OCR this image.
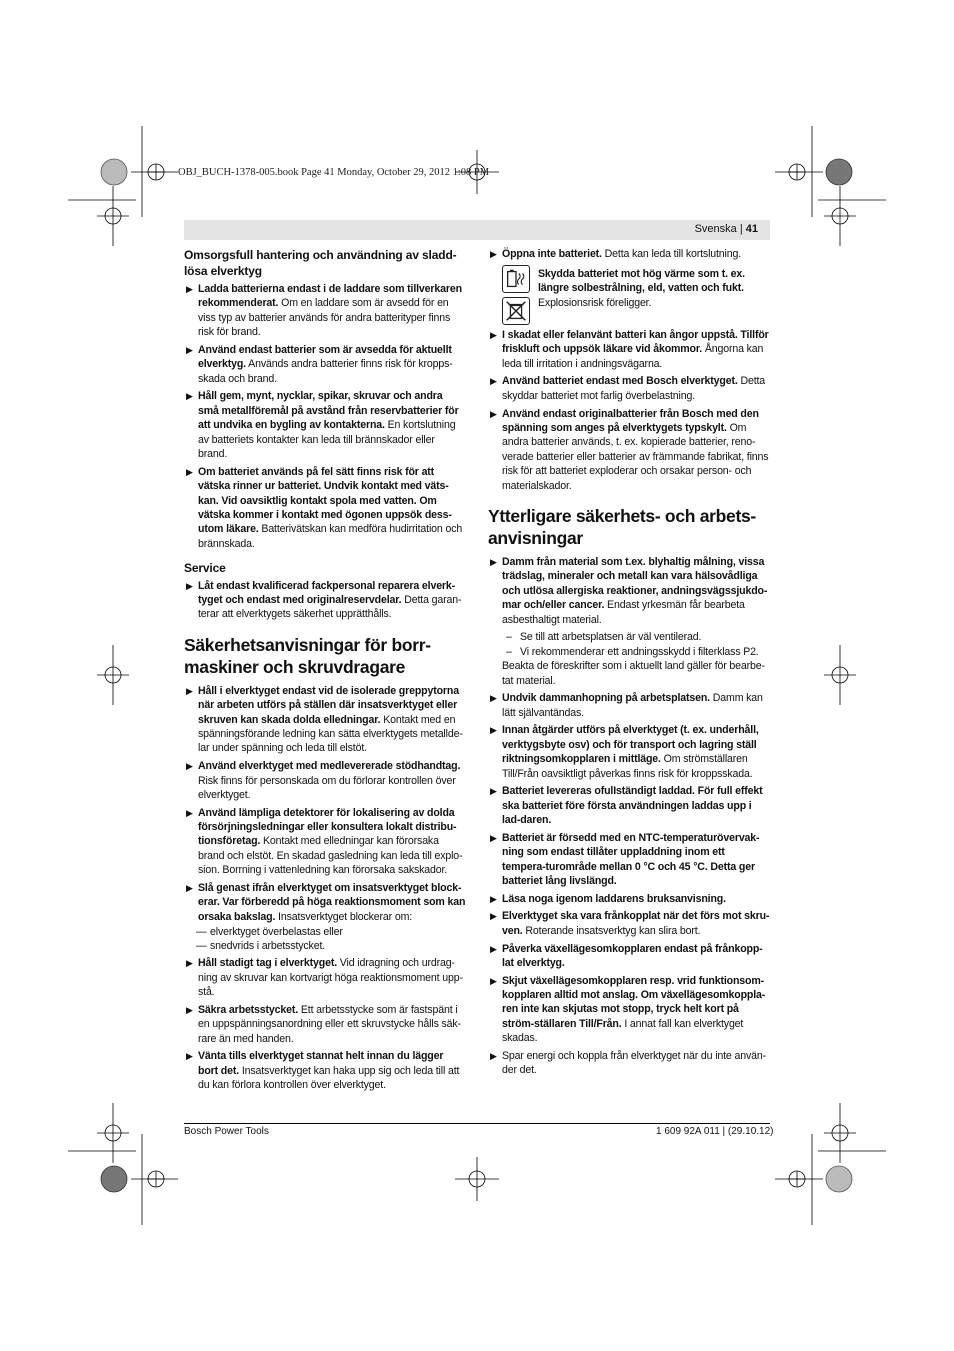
OBJ_BUCH-1378-005.book Page 41 Monday, October 29, 2012 1:08 PM
Svenska | 41
Omsorgsfull hantering och användning av sladd-lösa elverktyg
▶ Ladda batterierna endast i de laddare som tillverkaren rekommenderat. Om en laddare som är avsedd för en viss typ av batterier används för andra batterityper finns risk för brand.
▶ Använd endast batterier som är avsedda för aktuellt elverktyg. Används andra batterier finns risk för kropps-skada och brand.
▶ Håll gem, mynt, nycklar, spikar, skruvar och andra små metallföremål på avstånd från reservbatterier för att undvika en bygling av kontakterna. En kortslutning av batteriets kontakter kan leda till brännskador eller brand.
▶ Om batteriet används på fel sätt finns risk för att vätska rinner ur batteriet. Undvik kontakt med väts-kan. Vid oavsiktlig kontakt spola med vatten. Om vätska kommer i kontakt med ögonen uppsök dess-utom läkare. Batterivätskan kan medföra hudirritation och brännskada.
Service
▶ Låt endast kvalificerad fackpersonal reparera elverk-tyget och endast med originalreservdelar. Detta garan-terar att elverktygets säkerhet upprätthålls.
Säkerhetsanvisningar för borr-maskiner och skruvdragare
▶ Håll i elverktyget endast vid de isolerade greppytorna när arbeten utförs på ställen där insatsverktyget eller skruven kan skada dolda elledningar. Kontakt med en spänningsförande ledning kan sätta elverktygets metallde-lar under spänning och leda till elstöt.
▶ Använd elverktyget med medlevererade stödhandtag. Risk finns för personskada om du förlorar kontrollen över elverktyget.
▶ Använd lämpliga detektorer för lokalisering av dolda försörjningsledningar eller konsultera lokalt distribu-tionsföretag. Kontakt med elledningar kan förorsaka brand och elstöt. En skadad gasledning kan leda till explo-sion. Borrning i vattenledning kan förorsaka sakskador.
▶ Slå genast ifrån elverktyget om insatsverktyget block-erar. Var förberedd på höga reaktionsmoment som kan orsaka bakslag. Insatsverktyget blockerar om:
— elverktyget överbelastas eller
— snedvrids i arbetsstycket.
▶ Håll stadigt tag i elverktyget. Vid idragning och urdrag-ning av skruvar kan kortvarigt höga reaktionsmoment upp-stå.
▶ Säkra arbetsstycket. Ett arbetsstycke som är fastspänt i en uppspänningsanordning eller ett skruvstycke hålls säk-rare än med handen.
▶ Vänta tills elverktyget stannat helt innan du lägger bort det. Insatsverktyget kan haka upp sig och leda till att du kan förlora kontrollen över elverktyget.
▶ Öppna inte batteriet. Detta kan leda till kortslutning.
Skydda batteriet mot hög värme som t. ex. längre solbestrålning, eld, vatten och fukt. Explosionsrisk föreligger.
▶ I skadat eller felanvänt batteri kan ångor uppstå. Tillför friskluft och uppsök läkare vid åkommor. Ångorna kan leda till irritation i andningsvägarna.
▶ Använd batteriet endast med Bosch elverktyget. Detta skyddar batteriet mot farlig överbelastning.
▶ Använd endast originalbatterier från Bosch med den spänning som anges på elverktygets typskylt. Om andra batterier används, t. ex. kopierade batterier, reno-verade batterier eller batterier av främmande fabrikat, finns risk för att batteriet exploderar och orsakar person- och materialskador.
Ytterligare säkerhets- och arbets-anvisningar
▶ Damm från material som t.ex. blyhaltig målning, vissa trädslag, mineraler och metall kan vara hälsovådliga och utlösa allergiska reaktioner, andningsvägssjukdo-mar och/eller cancer. Endast yrkesmän får bearbeta asbesthaltigt material.
– Se till att arbetsplatsen är väl ventilerad.
– Vi rekommenderar ett andningsskydd i filterklass P2.
Beakta de föreskrifter som i aktuellt land gäller för bearbe-tat material.
▶ Undvik dammanhopning på arbetsplatsen. Damm kan lätt självantändas.
▶ Innan åtgärder utförs på elverktyget (t. ex. underhåll, verktygsbyte osv) och för transport och lagring ställ riktningsomkopplaren i mittläge. Om strömställaren Till/Från oavsiktligt påverkas finns risk för kroppsskada.
▶ Batteriet levereras ofulIständigt laddad. För full effekt ska batteriet före första användningen laddas upp i lad-daren.
▶ Batteriet är försedd med en NTC-temperaturövervak-ning som endast tillåter uppladdning inom ett tempera-turområde mellan 0 °C och 45 °C. Detta ger batteriet lång livslängd.
▶ Läsa noga igenom laddarens bruksanvisning.
▶ Elverktyget ska vara frånkopplat när det förs mot skru-ven. Roterande insatsverktyg kan slira bort.
▶ Påverka växellägesomkopplaren endast på frånkopp-lat elverktyg.
▶ Skjut växellägesomkopplaren resp. vrid funktionsom-kopplaren alltid mot anslag. Om växellägesomkoppla-ren inte kan skjutas mot stopp, tryck helt kort på ström-ställaren Till/Från. I annat fall kan elverktyget skadas.
▶ Spar energi och koppla från elverktyget när du inte använ-der det.
Bosch Power Tools	1 609 92A 011 | (29.10.12)
